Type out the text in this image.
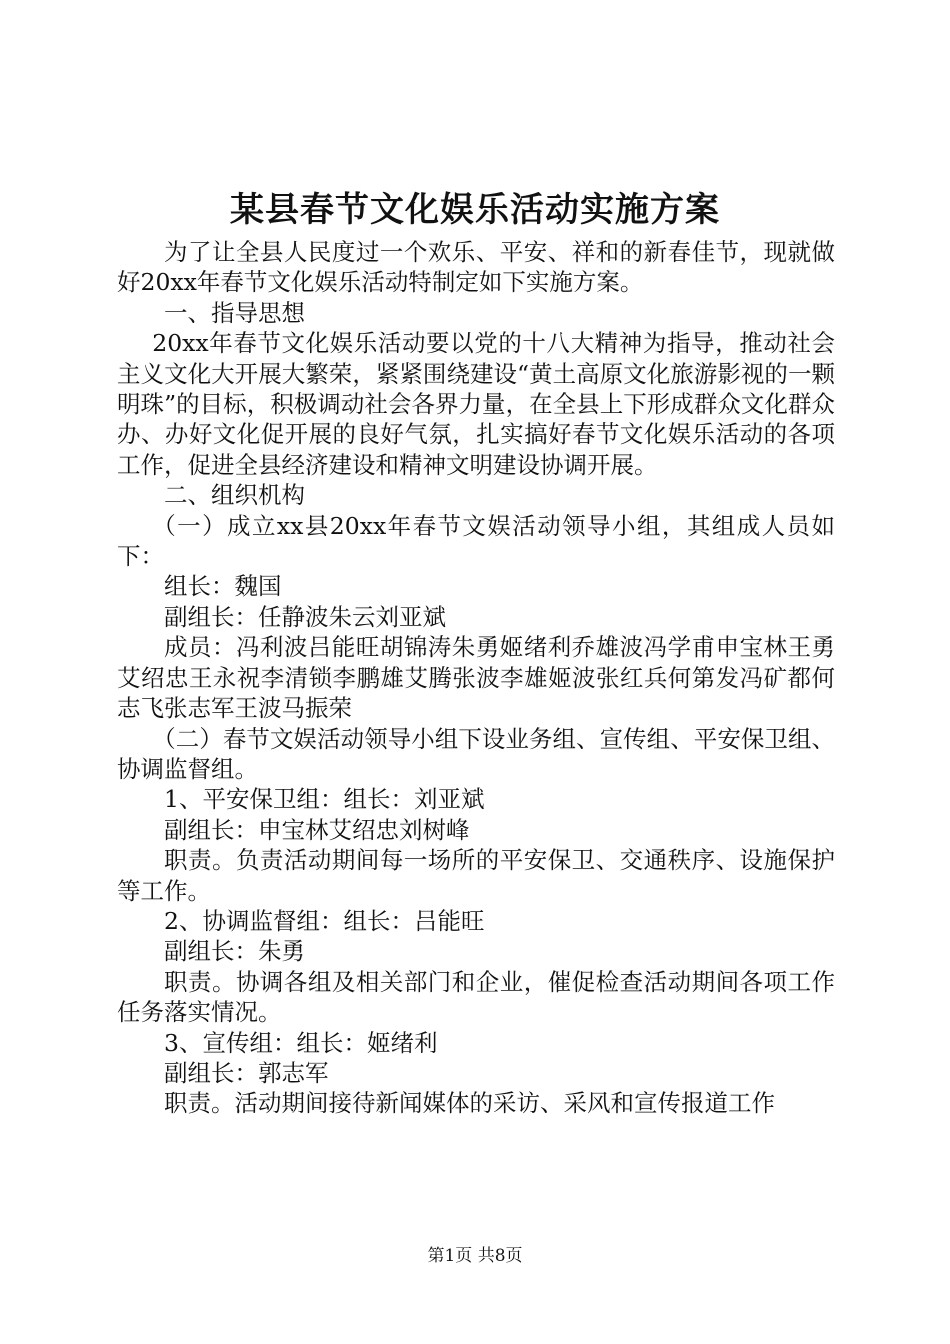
某县春节文化娱乐活动实施方案

为了让全县人民度过一个欢乐、平安、祥和的新春佳节，现就做好20xx年春节文化娱乐活动特制定如下实施方案。

一、指导思想

20xx年春节文化娱乐活动要以党的十八大精神为指导，推动社会主义文化大开展大繁荣，紧紧围绕建设“黄土高原文化旅游影视的一颗明珠”的目标，积极调动社会各界力量，在全县上下形成群众文化群众办、办好文化促开展的良好气氛，扎实搞好春节文化娱乐活动的各项工作，促进全县经济建设和精神文明建设协调开展。

二、组织机构

（一）成立xx县20xx年春节文娱活动领导小组，其组成人员如下：

组长：魏国

副组长：任静波朱云刘亚斌

成员：冯利波吕能旺胡锦涛朱勇姬绪利乔雄波冯学甫申宝林王勇艾绍忠王永祝李清锁李鹏雄艾腾张波李雄姬波张红兵何第发冯矿都何志飞张志军王波马振荣

（二）春节文娱活动领导小组下设业务组、宣传组、平安保卫组、协调监督组。

1、平安保卫组：组长：刘亚斌

副组长：申宝林艾绍忠刘树峰

职责。负责活动期间每一场所的平安保卫、交通秩序、设施保护等工作。

2、协调监督组：组长：吕能旺

副组长：朱勇

职责。协调各组及相关部门和企业，催促检查活动期间各项工作任务落实情况。

3、宣传组：组长：姬绪利

副组长：郭志军

职责。活动期间接待新闻媒体的采访、采风和宣传报道工作

第1页 共8页
